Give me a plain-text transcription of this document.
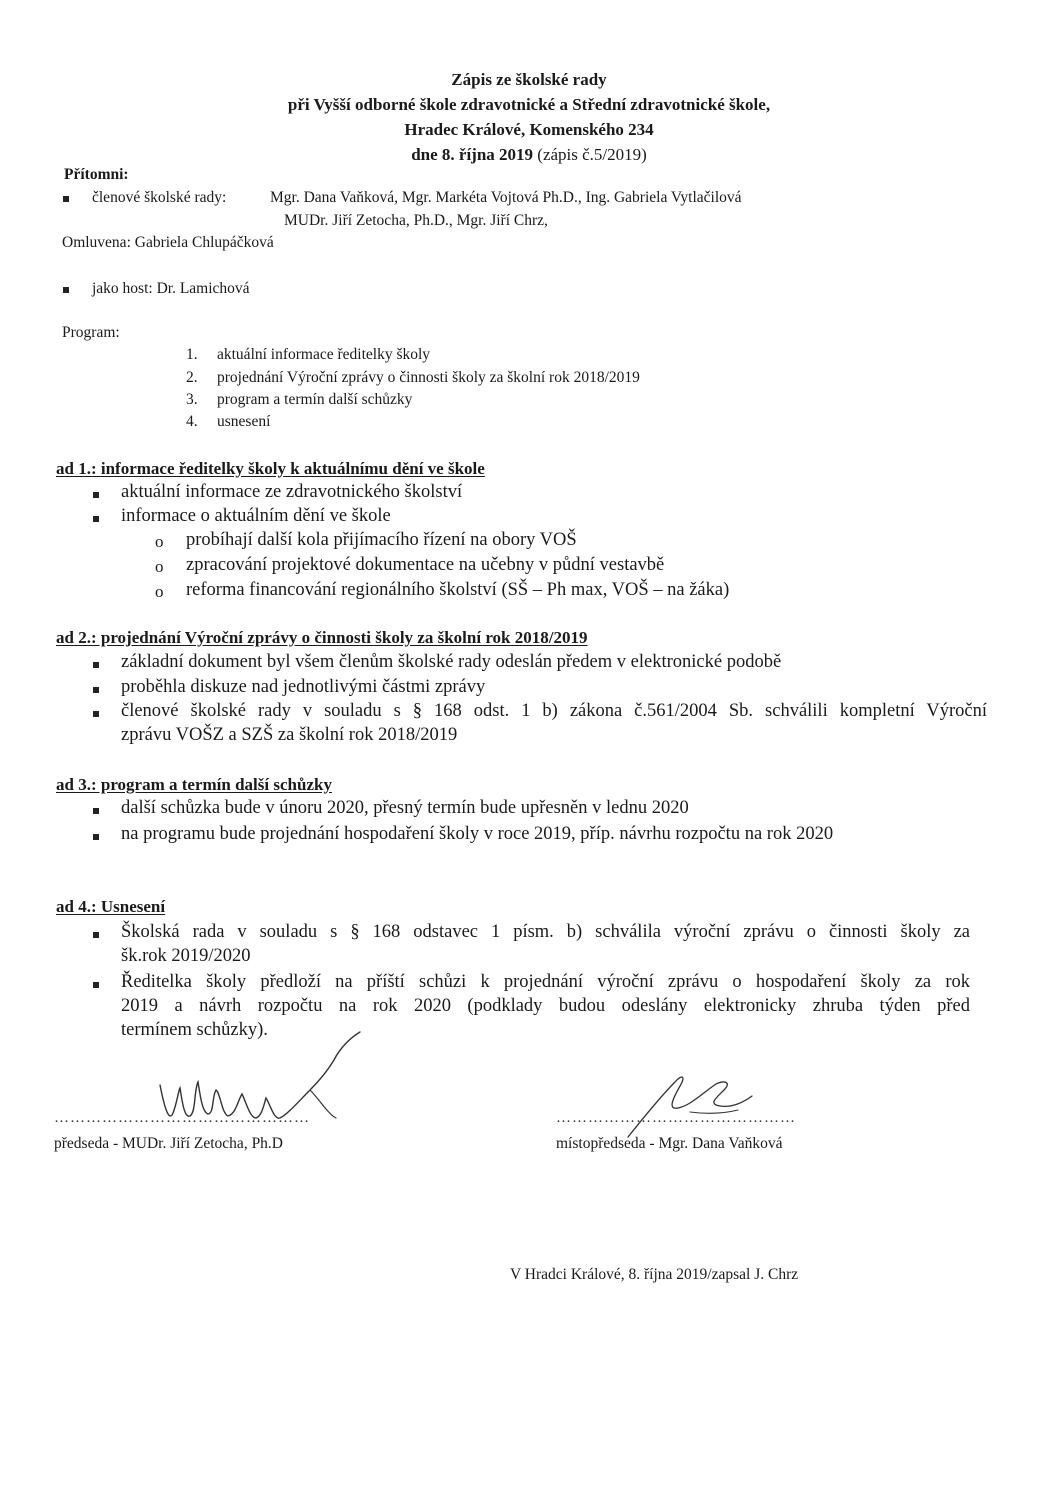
Zápis ze školské rady
při Vyšší odborné škole zdravotnické a Střední zdravotnické škole,
Hradec Králové, Komenského 234
dne 8. října 2019 (zápis č.5/2019)
Přítomni:
členové školské rady:	Mgr. Dana Vaňková, Mgr. Markéta Vojtová Ph.D., Ing. Gabriela Vytlačilová
MUDr. Jiří Zetocha, Ph.D., Mgr. Jiří Chrz,
Omluvena: Gabriela Chlupáčková
jako host: Dr. Lamichová
Program:
1. aktuální informace ředitelky školy
2. projednání Výroční zprávy o činnosti školy za školní rok 2018/2019
3. program a termín další schůzky
4. usnesení
ad 1.: informace ředitelky školy k aktuálnímu dění ve škole
aktuální informace ze zdravotnického školství
informace o aktuálním dění ve škole
o probíhají další kola přijímacího řízení na obory VOŠ
o zpracování projektové dokumentace na učebny v půdní vestavbě
o reforma financování regionálního školství (SŠ – Ph max, VOŠ – na žáka)
ad 2.: projednání Výroční zprávy o činnosti školy za školní rok 2018/2019
základní dokument byl všem členům školské rady odeslán předem v elektronické podobě
proběhla diskuze nad jednotlivými částmi zprávy
členové školské rady v souladu s § 168 odst. 1 b) zákona č.561/2004 Sb. schválili kompletní Výroční
zprávu VOŠZ a SZŠ za školní rok 2018/2019
ad 3.: program a termín další schůzky
další schůzka bude v únoru 2020, přesný termín bude upřesněn v lednu 2020
na programu bude projednání hospodaření školy v roce 2019, příp. návrhu rozpočtu na rok 2020
ad 4.: Usnesení
Školská rada v souladu s § 168 odstavec 1 písm. b) schválila výroční zprávu o činnosti školy za
šk.rok 2019/2020
Ředitelka školy předloží na příští schůzi k projednání výroční zprávu o hospodaření školy za rok
2019 a návrh rozpočtu na rok 2020 (podklady budou odeslány elektronicky zhruba týden před
termínem schůzky).
…………………………………………	………………………………………
předseda - MUDr. Jiří Zetocha, Ph.D	místopředseda - Mgr. Dana Vaňková
V Hradci Králové, 8. října 2019/zapsal J. Chrz
